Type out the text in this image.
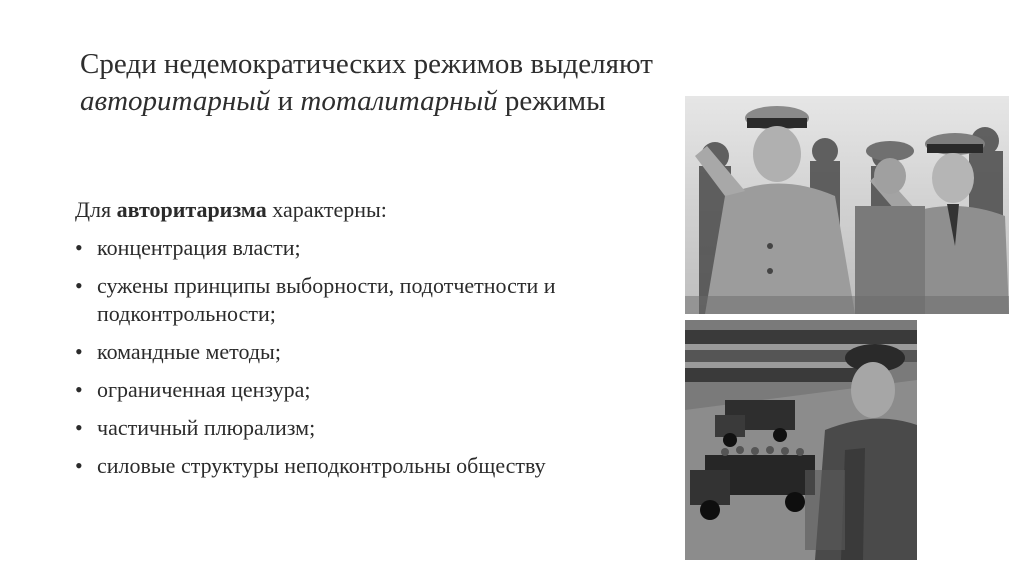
Среди недемократических режимов выделяют
авторитарный и тоталитарный режимы
Для авторитаризма характерны:
• концентрация власти;
• сужены принципы выборности, подотчетности и подконтрольности;
• командные методы;
• ограниченная цензура;
• частичный плюрализм;
• силовые структуры неподконтрольны обществу
